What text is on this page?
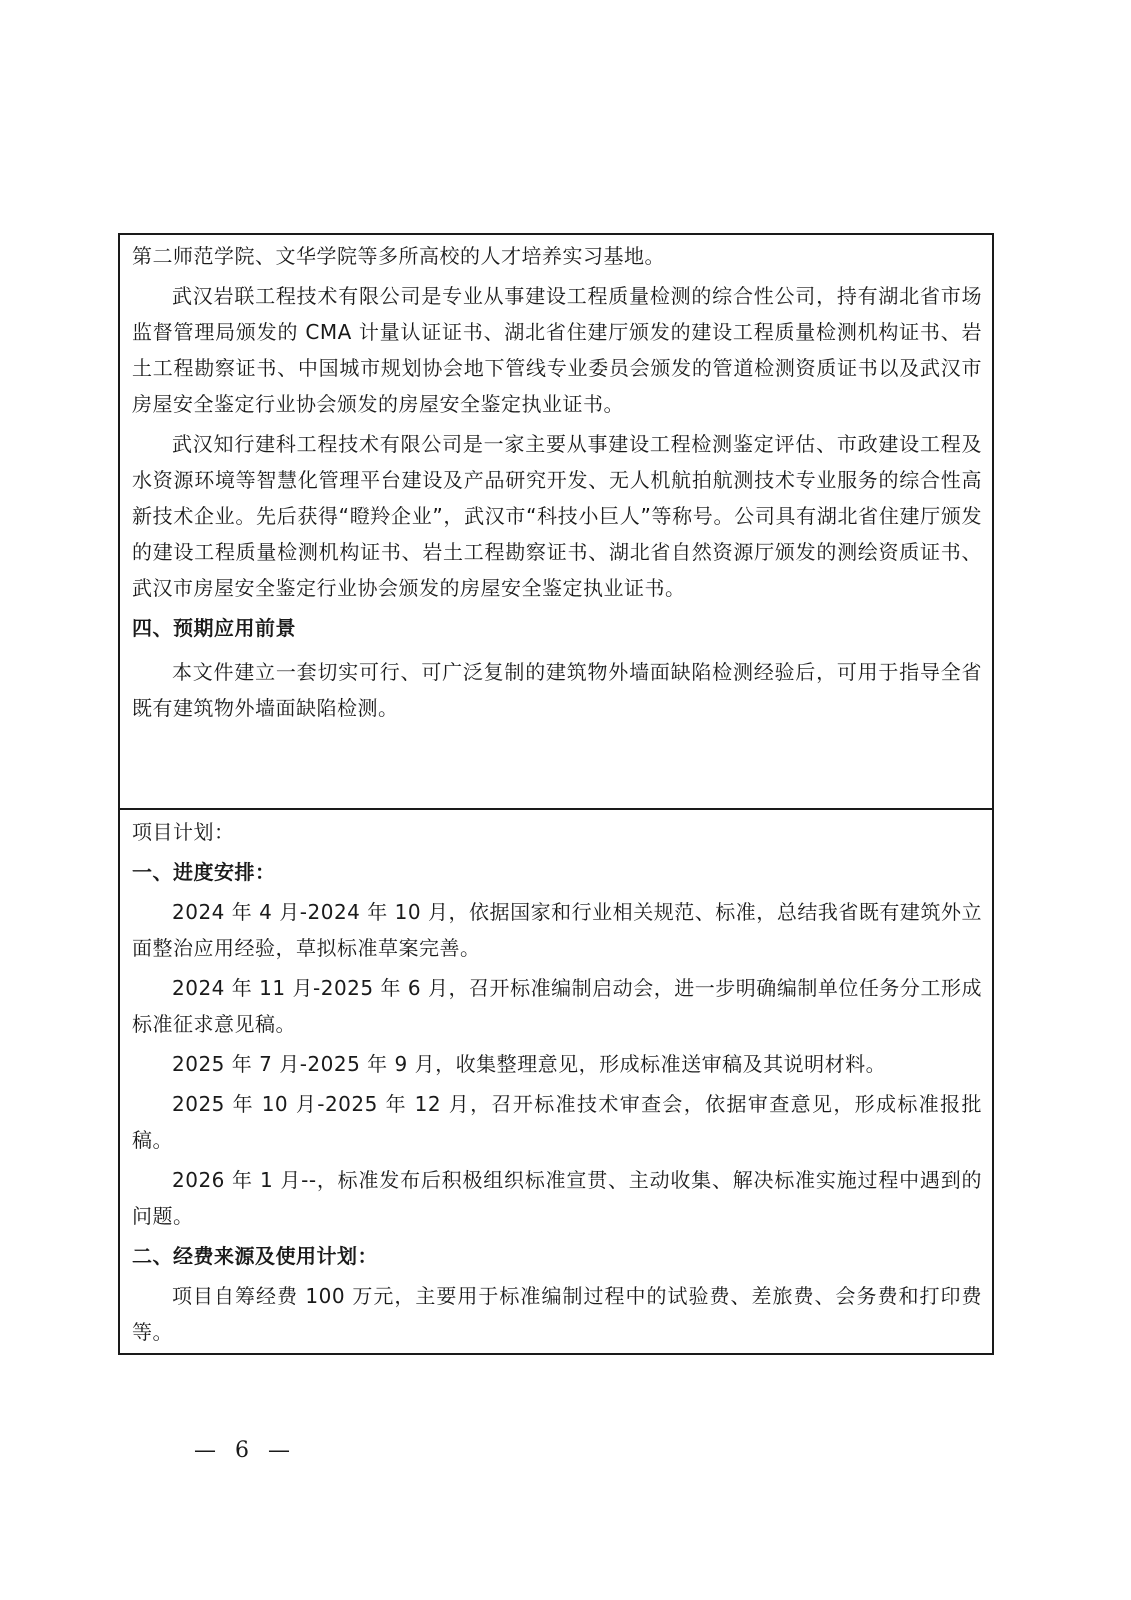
第二师范学院、文华学院等多所高校的人才培养实习基地。

武汉岩联工程技术有限公司是专业从事建设工程质量检测的综合性公司，持有湖北省市场监督管理局颁发的 CMA 计量认证证书、湖北省住建厅颁发的建设工程质量检测机构证书、岩土工程勘察证书、中国城市规划协会地下管线专业委员会颁发的管道检测资质证书以及武汉市房屋安全鉴定行业协会颁发的房屋安全鉴定执业证书。

武汉知行建科工程技术有限公司是一家主要从事建设工程检测鉴定评估、市政建设工程及水资源环境等智慧化管理平台建设及产品研究开发、无人机航拍航测技术专业服务的综合性高新技术企业。先后获得“瞪羚企业”，武汉市“科技小巨人”等称号。公司具有湖北省住建厅颁发的建设工程质量检测机构证书、岩土工程勘察证书、湖北省自然资源厅颁发的测绘资质证书、武汉市房屋安全鉴定行业协会颁发的房屋安全鉴定执业证书。

四、预期应用前景

本文件建立一套切实可行、可广泛复制的建筑物外墙面缺陷检测经验后，可用于指导全省既有建筑物外墙面缺陷检测。

项目计划：

一、进度安排：

2024 年 4 月-2024 年 10 月，依据国家和行业相关规范、标准，总结我省既有建筑外立面整治应用经验，草拟标准草案完善。

2024 年 11 月-2025 年 6 月，召开标准编制启动会，进一步明确编制单位任务分工形成标准征求意见稿。

2025 年 7 月-2025 年 9 月，收集整理意见，形成标准送审稿及其说明材料。

2025 年 10 月-2025 年 12 月，召开标准技术审查会，依据审查意见，形成标准报批稿。

2026 年 1 月--，标准发布后积极组织标准宣贯、主动收集、解决标准实施过程中遇到的问题。

二、经费来源及使用计划：

项目自筹经费 100 万元，主要用于标准编制过程中的试验费、差旅费、会务费和打印费等。

— 6 —
